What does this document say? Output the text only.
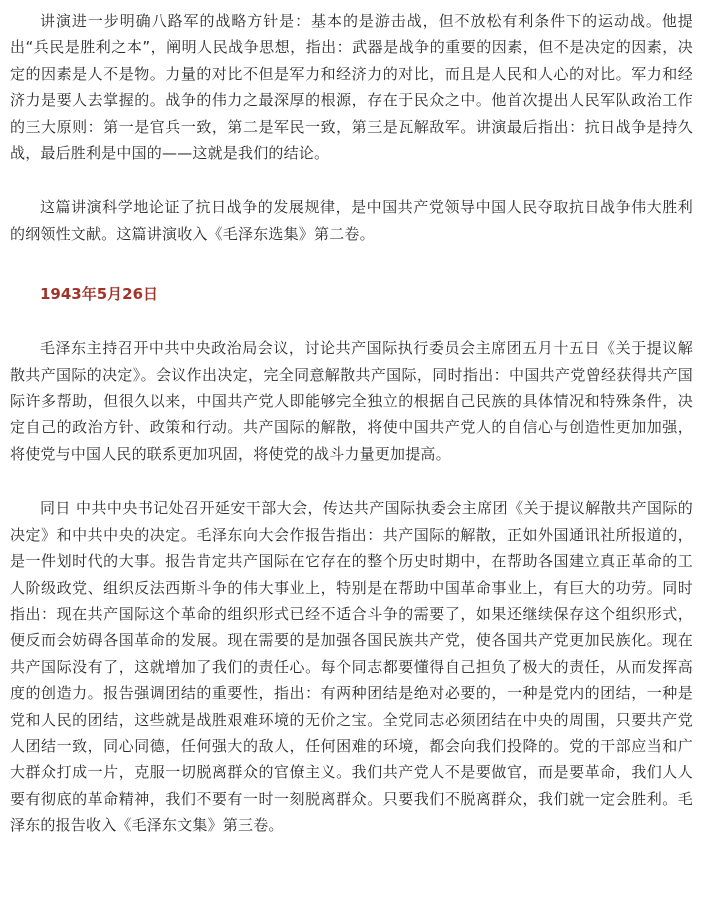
讲演进一步明确八路军的战略方针是：基本的是游击战，但不放松有利条件下的运动战。他提出“兵民是胜利之本”，阐明人民战争思想，指出：武器是战争的重要的因素，但不是决定的因素，决定的因素是人不是物。力量的对比不但是军力和经济力的对比，而且是人民和人心的对比。军力和经济力是要人去掌握的。战争的伟力之最深厚的根源，存在于民众之中。他首次提出人民军队政治工作的三大原则：第一是官兵一致，第二是军民一致，第三是瓦解敌军。讲演最后指出：抗日战争是持久战，最后胜利是中国的——这就是我们的结论。

这篇讲演科学地论证了抗日战争的发展规律，是中国共产党领导中国人民夺取抗日战争伟大胜利的纲领性文献。这篇讲演收入《毛泽东选集》第二卷。

1943年5月26日

毛泽东主持召开中共中央政治局会议，讨论共产国际执行委员会主席团五月十五日《关于提议解散共产国际的决定》。会议作出决定，完全同意解散共产国际，同时指出：中国共产党曾经获得共产国际许多帮助，但很久以来，中国共产党人即能够完全独立的根据自己民族的具体情况和特殊条件，决定自己的政治方针、政策和行动。共产国际的解散，将使中国共产党人的自信心与创造性更加加强，将使党与中国人民的联系更加巩固，将使党的战斗力量更加提高。

同日 中共中央书记处召开延安干部大会，传达共产国际执委会主席团《关于提议解散共产国际的决定》和中共中央的决定。毛泽东向大会作报告指出：共产国际的解散，正如外国通讯社所报道的，是一件划时代的大事。报告肯定共产国际在它存在的整个历史时期中，在帮助各国建立真正革命的工人阶级政党、组织反法西斯斗争的伟大事业上，特别是在帮助中国革命事业上，有巨大的功劳。同时指出：现在共产国际这个革命的组织形式已经不适合斗争的需要了，如果还继续保存这个组织形式，便反而会妨碍各国革命的发展。现在需要的是加强各国民族共产党，使各国共产党更加民族化。现在共产国际没有了，这就增加了我们的责任心。每个同志都要懂得自己担负了极大的责任，从而发挥高度的创造力。报告强调团结的重要性，指出：有两种团结是绝对必要的，一种是党内的团结，一种是党和人民的团结，这些就是战胜艰难环境的无价之宝。全党同志必须团结在中央的周围，只要共产党人团结一致，同心同德，任何强大的敌人，任何困难的环境，都会向我们投降的。党的干部应当和广大群众打成一片，克服一切脱离群众的官僚主义。我们共产党人不是要做官，而是要革命，我们人人要有彻底的革命精神，我们不要有一时一刻脱离群众。只要我们不脱离群众，我们就一定会胜利。毛泽东的报告收入《毛泽东文集》第三卷。
